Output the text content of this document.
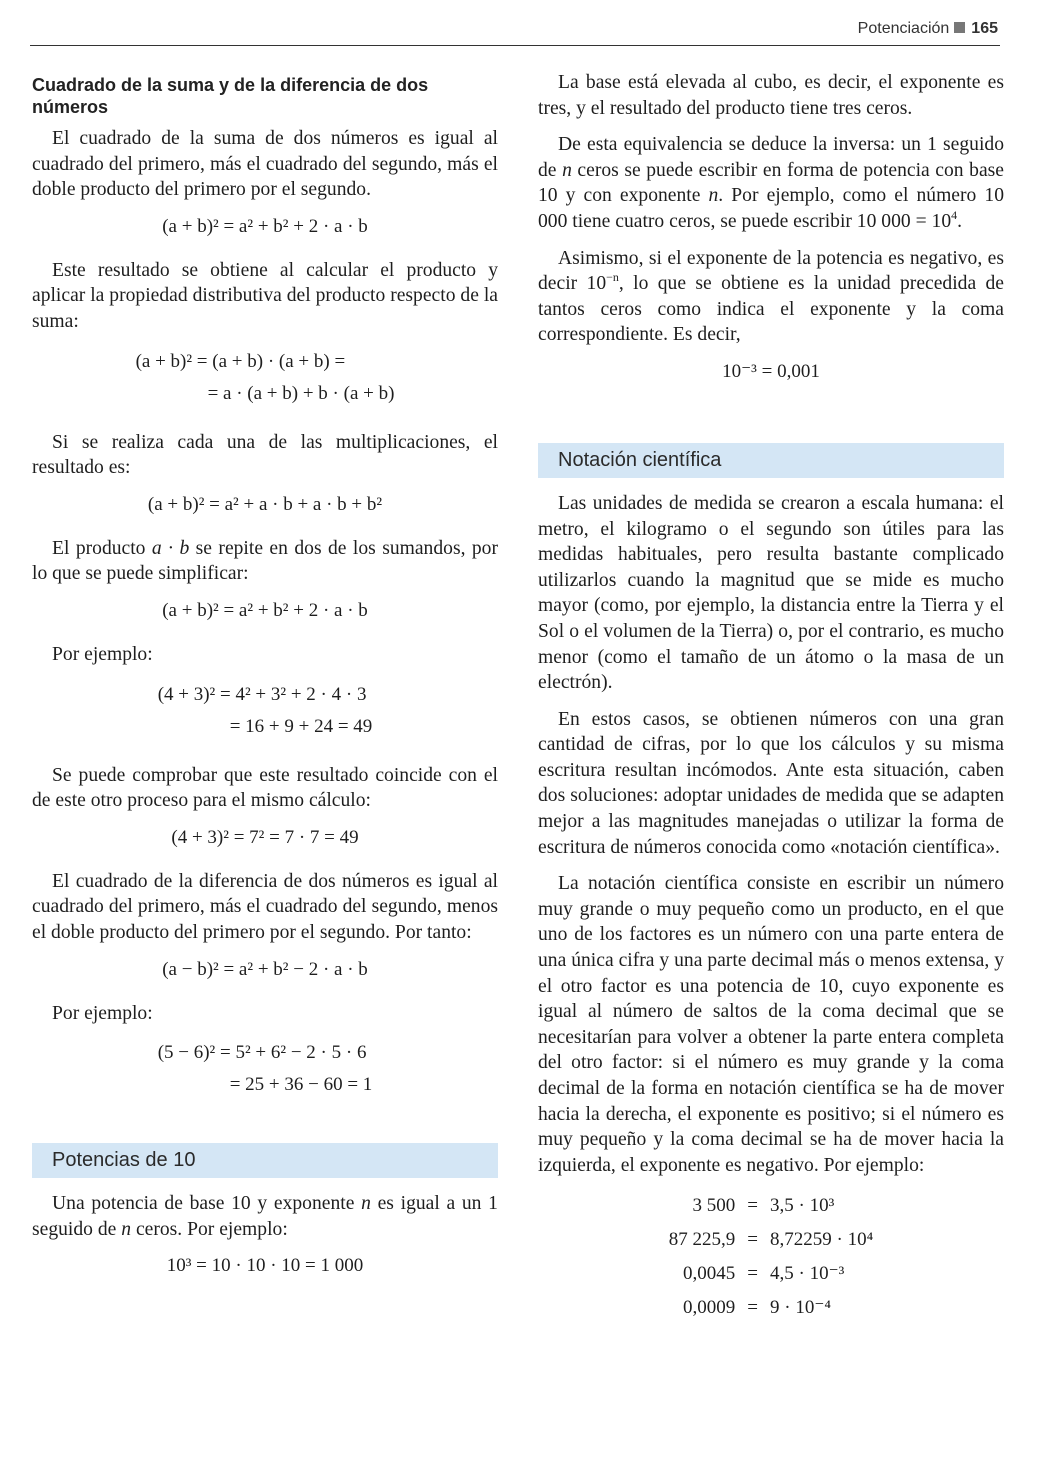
Potenciación 165
Cuadrado de la suma y de la diferencia de dos números

El cuadrado de la suma de dos números es igual al cuadrado del primero, más el cuadrado del segundo, más el doble producto del primero por el segundo.

(a + b)² = a² + b² + 2 · a · b

Este resultado se obtiene al calcular el producto y aplicar la propiedad distributiva del producto respecto de la suma:

(a + b)² = (a + b) · (a + b) =
= a · (a + b) + b · (a + b)

Si se realiza cada una de las multiplicaciones, el resultado es:

(a + b)² = a² + a · b + a · b + b²

El producto a · b se repite en dos de los sumandos, por lo que se puede simplificar:

(a + b)² = a² + b² + 2 · a · b

Por ejemplo:

(4 + 3)² = 4² + 3² + 2 · 4 · 3
= 16 + 9 + 24 = 49

Se puede comprobar que este resultado coincide con el de este otro proceso para el mismo cálculo:

(4 + 3)² = 7² = 7 · 7 = 49

El cuadrado de la diferencia de dos números es igual al cuadrado del primero, más el cuadrado del segundo, menos el doble producto del primero por el segundo. Por tanto:

(a − b)² = a² + b² − 2 · a · b

Por ejemplo:

(5 − 6)² = 5² + 6² − 2 · 5 · 6
= 25 + 36 − 60 = 1
Potencias de 10

Una potencia de base 10 y exponente n es igual a un 1 seguido de n ceros. Por ejemplo:

10³ = 10 · 10 · 10 = 1 000

La base está elevada al cubo, es decir, el exponente es tres, y el resultado del producto tiene tres ceros.

De esta equivalencia se deduce la inversa: un 1 seguido de n ceros se puede escribir en forma de potencia con base 10 y con exponente n. Por ejemplo, como el número 10 000 tiene cuatro ceros, se puede escribir 10 $000 = 10^4$.

Asimismo, si el exponente de la potencia es negativo, es decir $10^{-n}$, lo que se obtiene es la unidad precedida de tantos ceros como indica el exponente y la coma correspondiente. Es decir,

10⁻³ = 0,001
Notación científica

Las unidades de medida se crearon a escala humana: el metro, el kilogramo o el segundo son útiles para las medidas habituales, pero resulta bastante complicado utilizarlos cuando la magnitud que se mide es mucho mayor (como, por ejemplo, la distancia entre la Tierra y el Sol o el volumen de la Tierra) o, por el contrario, es mucho menor (como el tamaño de un átomo o la masa de un electrón).

En estos casos, se obtienen números con una gran cantidad de cifras, por lo que los cálculos y su misma escritura resultan incómodos. Ante esta situación, caben dos soluciones: adoptar unidades de medida que se adapten mejor a las magnitudes manejadas o utilizar la forma de escritura de números conocida como «notación científica».

La notación científica consiste en escribir un número muy grande o muy pequeño como un producto, en el que uno de los factores es un número con una parte entera de una única cifra y una parte decimal más o menos extensa, y el otro factor es una potencia de 10, cuyo exponente es igual al número de saltos de la coma decimal que se necesitarían para volver a obtener la parte entera completa del otro factor: si el número es muy grande y la coma decimal de la forma en notación científica se ha de mover hacia la derecha, el exponente es positivo; si el número es muy pequeño y la coma decimal se ha de mover hacia la izquierda, el exponente es negativo. Por ejemplo:

3 500	=	3,5 · 10³
87 225,9	=	8,72259 · 10⁴
0,0045	=	4,5 · 10⁻³
0,0009	=	9 · 10⁻⁴
